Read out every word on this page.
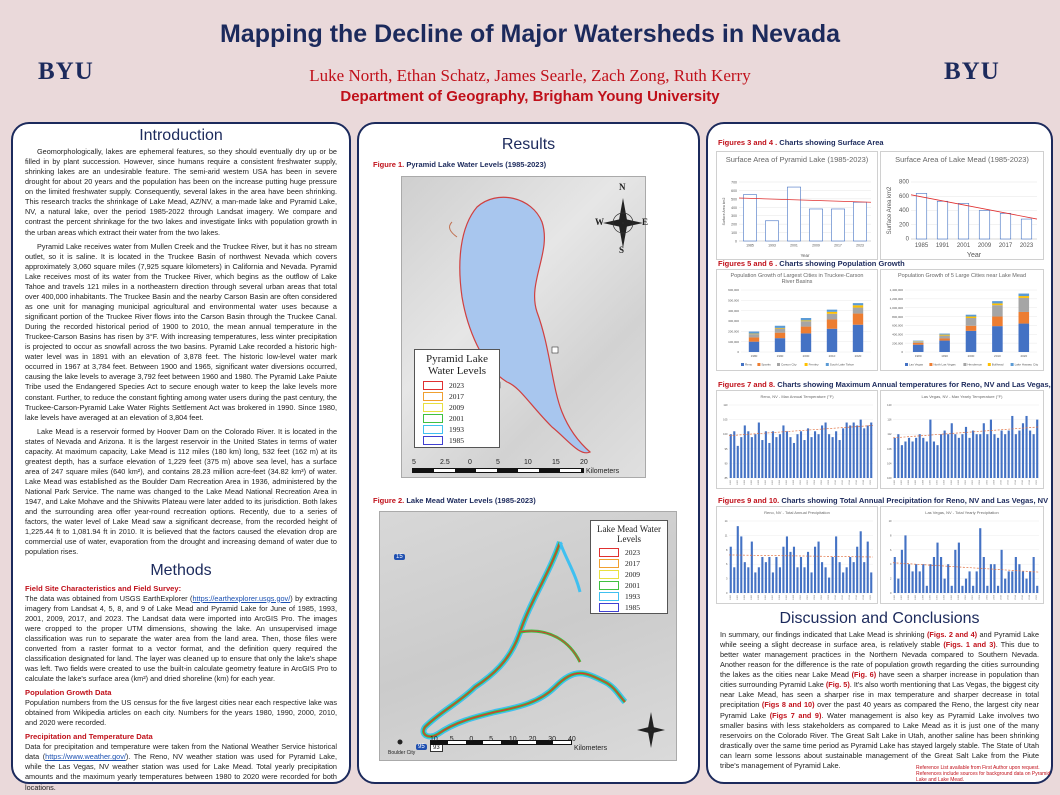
Mapping the Decline of Major Watersheds in Nevada
Luke North, Ethan Schatz, James Searle, Zach Zong, Ruth Kerry
Department of Geography, Brigham Young University
BYU	BYU
Introduction

Geomorphologically, lakes are ephemeral features, so they should eventually dry up or be filled in by plant succession. However, since humans require a consistent freshwater supply, shrinking lakes are an undesirable feature. The semi-arid western USA has been in severe drought for about 20 years and the population has been on the increase putting huge pressure on the limited freshwater supply. Consequently, several lakes in the area have been shrinking. This research tracks the shrinkage of Lake Mead, AZ/NV, a man-made lake and Pyramid Lake, NV, a natural lake, over the period 1985-2022 through Landsat imagery. We compare and contrast the percent shrinkage for the two lakes and investigate links with population growth in the urban areas which extract their water from the two lakes.

Pyramid Lake receives water from Mullen Creek and the Truckee River, but it has no stream outlet, so it is saline. It is located in the Truckee Basin of northwest Nevada which covers approximately 3,060 square miles (7,925 square kilometers) in California and Nevada. Pyramid Lake receives most of its water from the Truckee River, which begins as the outflow of Lake Tahoe and travels 121 miles in a northeastern direction through several urban areas that total over 400,000 inhabitants. The Truckee Basin and the nearby Carson Basin are often considered as one unit for managing municipal agricultural and environmental water uses because a significant portion of the Truckee River flows into the Carson Basin through the Truckee Canal. During the recorded historical period of 1900 to 2010, the mean annual temperature in the Truckee-Carson Basins has risen by 3°F. With increasing temperatures, less winter precipitation is projected to occur as snowfall across the two basins. Pyramid Lake recorded a historic high-water level was in 1891 with an elevation of 3,878 feet. The historic low-level water mark occurred in 1967 at 3,784 feet. Between 1900 and 1965, significant water diversions occurred, causing the lake levels to average 3,792 feet between 1960 and 1980. The Pyramid Lake Paiute Tribe used the Endangered Species Act to secure enough water to keep the lake levels more constant. Further, to reduce the constant fighting among water users during the past century, the Truckee-Carson-Pyramid Lake Water Rights Settlement Act was brokered in 1990. Since 1980, lake levels have averaged at an elevation of 3,804 feet.

Lake Mead is a reservoir formed by Hoover Dam on the Colorado River. It is located in the states of Nevada and Arizona. It is the largest reservoir in the United States in terms of water capacity. At maximum capacity, Lake Mead is 112 miles (180 km) long, 532 feet (162 m) at its greatest depth, has a surface elevation of 1,229 feet (375 m) above sea level, has a surface area of 247 square miles (640 km²), and contains 28.23 million acre-feet (34.82 km³) of water. Lake Mead was established as the Boulder Dam Recreation Area in 1936, administered by the National Park Service. The name was changed to the Lake Mead National Recreation Area in 1947, and Lake Mohave and the Shivwits Plateau were later added to its jurisdiction. Both lakes and the surrounding area offer year-round recreation options. Recently, due to a series of factors, the water level of Lake Mead saw a significant decrease, from the recorded height of 1,225.44 ft to 1,081.94 ft in 2010. It is believed that the factors caused the elevation drop are commercial use of water, evaporation from the drought and increasing demand of water due to population rises.

Methods
Field Site Characteristics and Field Survey:
The data was obtained from USGS EarthExplorer (https://earthexplorer.usgs.gov/) by extracting imagery from Landsat 4, 5, 8, and 9 of Lake Mead and Pyramid Lake for June of 1985, 1993, 2001, 2009, 2017, and 2023. The Landsat data were imported into ArcGIS Pro. The images were cropped to the proper UTM dimensions, showing the lake. An unsupervised image classification was run to separate the water area from the land area. Then, those files were converted from a raster format to a vector format, and the definition query required the classification designated for land. The layer was cleaned up to ensure that only the lake's shape was left. Two fields were created to use the built-in calculate geometry feature in ArcGIS Pro to calculate the lake's surface area (km²) and dried shoreline (km) for each year.
Population Growth Data
Population numbers from the US census for the five largest cities near each respective lake was obtained from Wikipedia articles on each city. Numbers for the years 1980, 1990, 2000, 2010, and 2020 were recorded.
Precipitation and Temperature Data
Data for precipitation and temperature were taken from the National Weather Service historical data (https://www.weather.gov/). The Reno, NV weather station was used for Pyramid Lake, while the Las Vegas, NV weather station was used for Lake Mead. Total yearly precipitation amounts and the maximum yearly temperatures between 1980 to 2020 were recorded for both locations.
Results
Figure 1. Pyramid Lake Water Levels (1985-2023)
N
W	E
S
Pyramid Lake Water Levels
2023
2017
2009
2001
1993
1985
5	2.5	0	5	10	15	20
Kilometers
Figure 2. Lake Mead Water Levels (1985-2023)
15
93
95
Boulder City
Lake Mead Water Levels
2023
2017
2009
2001
1993
1985
10 5 0 5 10 20 30 40
Kilometers
Figures 3 and 4 . Charts showing Surface Area
Surface Area of Pyramid Lake (1985-2023)
0
100
200
300
400
500
600
700
1985	1993	2001	2009	2017	2023
Year
Surface Area km2
Surface Area of Lake Mead (1985-2023)
0
200
400
600
800
1985 1991 2001 2009 2017 2023
Year
Surface Area km2
Figures 5 and 6 . Charts showing Population Growth
Population Growth of Largest Cities in Truckee-Carson River Basins
0
100,000
200,000
300,000
400,000
500,000
600,000
1980	1990	2000	2010	2020
Reno	Sparks	Carson City	Fernley	South Lake Tahoe
Population Growth of 5 Large Cities near Lake Mead
0
200,000
400,000
600,000
800,000
1,000,000
1,200,000
1,400,000
1980	1990	2000	2010	2020
Las Vegas	North Las Vegas	Henderson	Bullhead	Lake Havasu City
Figures 7 and 8. Charts showing Maximum Annual temperatures for Reno, NV and Las Vegas,
Reno, NV - Max Annual Temperature (°F)
85
90
95
100
105
110
1980 1982 1984 1986 1988 1990 1992 1994 1996 1998 2000 2002 2004 2006 2008 2010 2012 2014 2016 2018 2020
Las Vegas, NV - Max Yearly Temperature (°F)
100
104
108
112
116
120
1980 1982 1984 1986 1988 1990 1992 1994 1996 1998 2000 2002 2004 2006 2008 2010 2012 2014 2016 2018 2020
Figures 9 and 10. Charts showing Total Annual Precipitation for Reno, NV and Las Vegas, NV
Reno, NV - Total Annual Precipitation
0
3
6
8
11
14
1980 1982 1984 1986 1988 1990 1992 1994 1996 1998 2000 2002 2004 2006 2008 2010 2012 2014 2016 2018 2020
Las Vegas, NV - Total Yearly Precipitation
0
2
4
6
8
10
1980 1982 1984 1986 1988 1990 1992 1994 1996 1998 2000 2002 2004 2006 2008 2010 2012 2014 2016 2018 2020
Discussion and Conclusions
In summary, our findings indicated that Lake Mead is shrinking (Figs. 2 and 4) and Pyramid Lake while seeing a slight decrease in surface area, is relatively stable (Figs. 1 and 3). This due to better water management practices in the Northern Nevada compared to Southern Nevada. Another reason for the difference is the rate of population growth regarding the cities surrounding the lakes as the cities near Lake Mead (Fig. 6) have seen a sharper increase in population than cities surrounding Pyramid Lake (Fig. 5). It's also worth mentioning that Las Vegas, the biggest city near Lake Mead, has seen a sharper rise in max temperature and sharper decrease in total precipitation (Figs 8 and 10) over the past 40 years as compared the Reno, the largest city near Pyramid Lake (Figs 7 and 9). Water management is also key as Pyramid Lake involves two smaller basins with less stakeholders as compared to Lake Mead as it is just one of the many reservoirs on the Colorado River. The Great Salt Lake in Utah, another saline has been shrinking drastically over the same time period as Pyramid Lake has stayed largely stable. The State of Utah can learn some lessons about sustainable management of the Great Salt Lake from the Piute tribe's management of Pyramid Lake.	Reference List available from First Author upon request. References include sources for background data on Pyramid Lake and Lake Mead.
